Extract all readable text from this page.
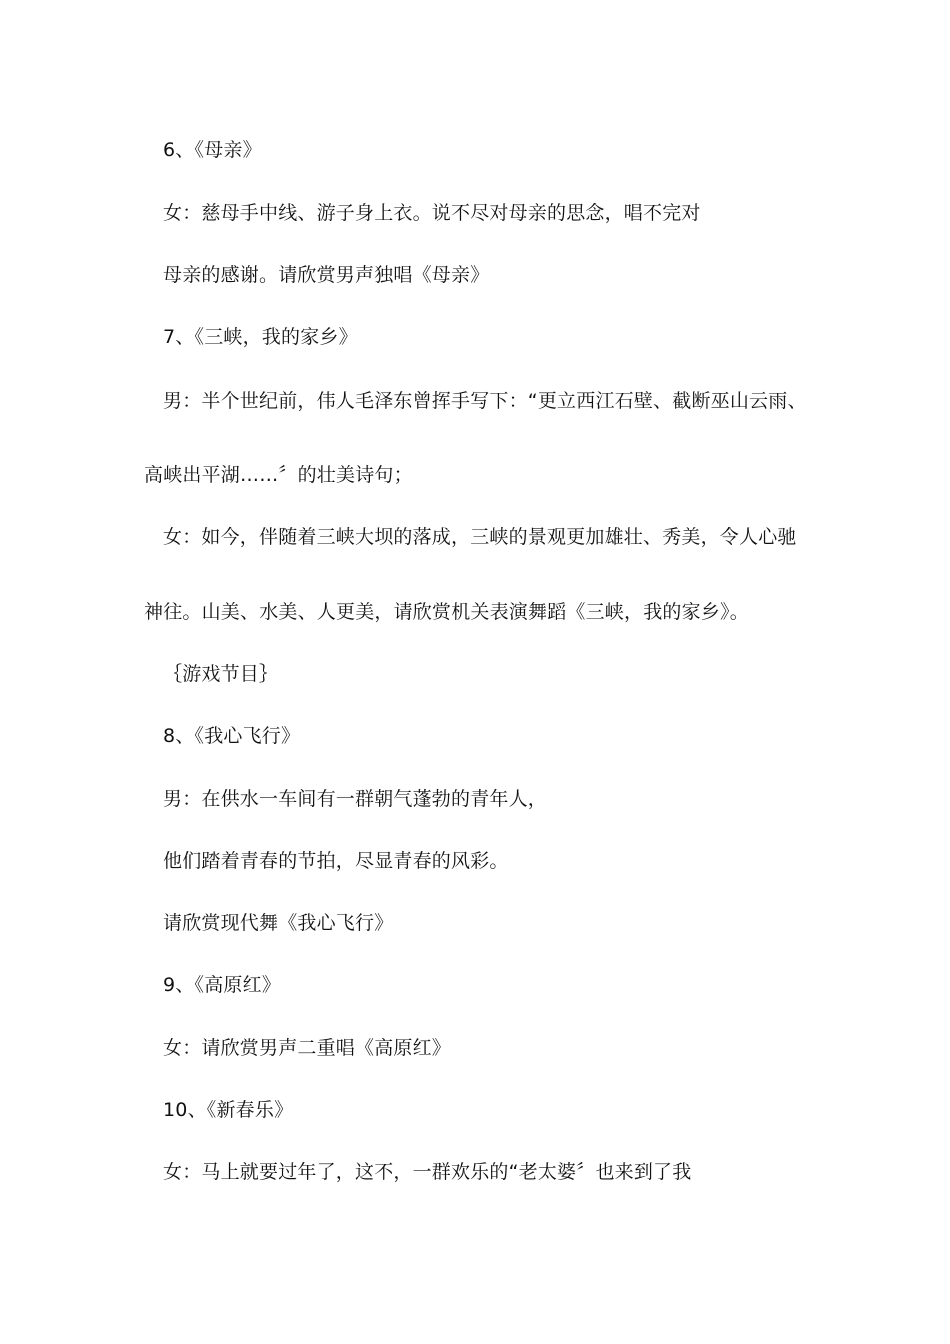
6、《母亲》
女：慈母手中线、游子身上衣。说不尽对母亲的思念，唱不完对
母亲的感谢。请欣赏男声独唱《母亲》
7、《三峡，我的家乡》
男：半个世纪前，伟人毛泽东曾挥手写下：“更立西江石壁、截断巫山云雨、
高峡出平湖……〞的壮美诗句；
女：如今，伴随着三峡大坝的落成，三峡的景观更加雄壮、秀美，令人心驰
神往。山美、水美、人更美，请欣赏机关表演舞蹈《三峡，我的家乡》。
｛游戏节目｝
8、《我心飞行》
男：在供水一车间有一群朝气蓬勃的青年人，
他们踏着青春的节拍，尽显青春的风彩。
请欣赏现代舞《我心飞行》
9、《高原红》
女：请欣赏男声二重唱《高原红》
10、《新春乐》
女：马上就要过年了，这不，一群欢乐的“老太婆〞也来到了我
